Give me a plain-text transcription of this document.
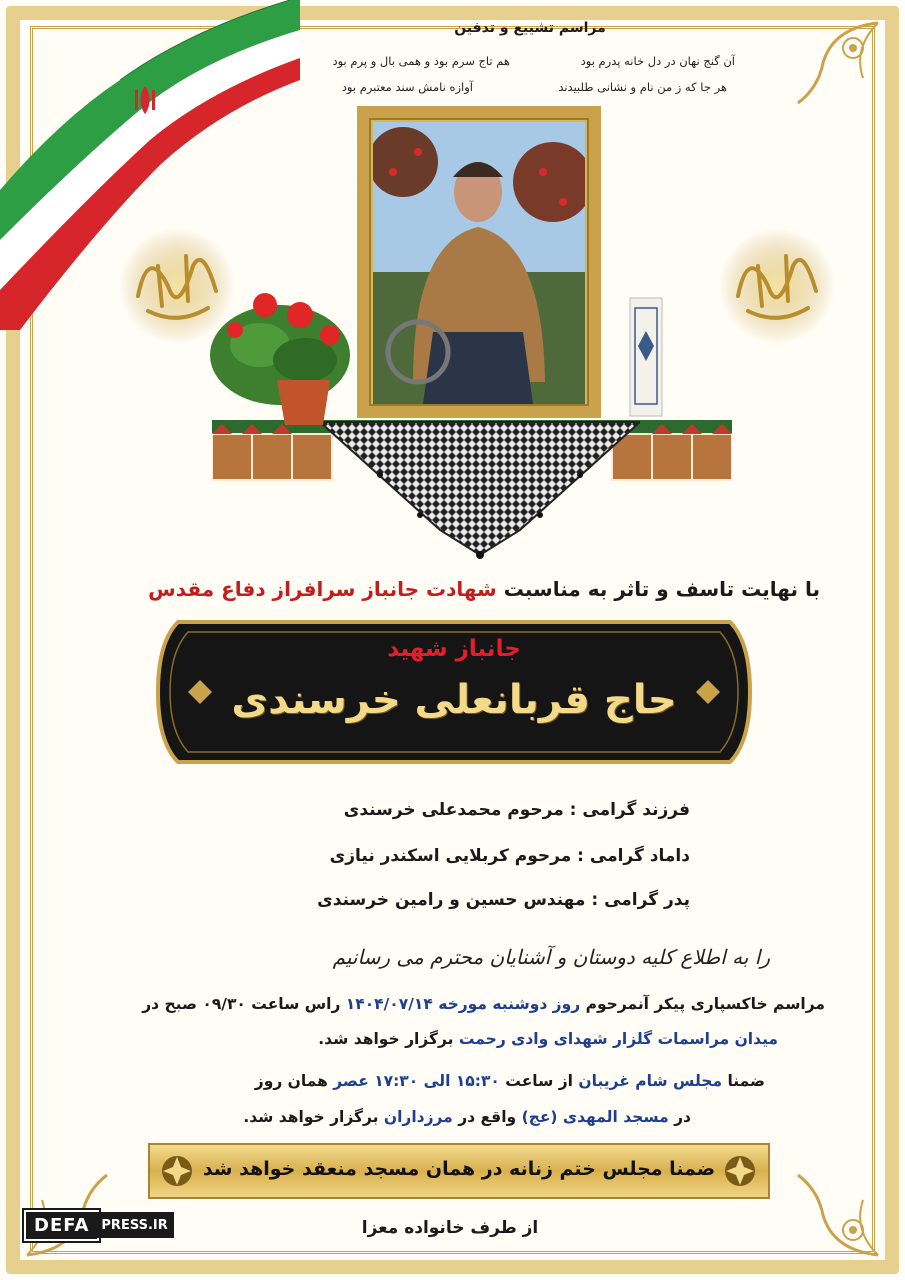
مراسم تشییع و تدفین
آن گنج نهان در دل خانه پدرم بود
هم تاج سرم بود و همی بال و پرم بود
هر جا که ز من نام و نشانی طلبیدند
آوازه نامش سند معتبرم بود
با نهایت تاسف و تاثر به مناسبت شهادت جانباز سرافراز دفاع مقدس
جانباز شهید
حاج قربانعلی خرسندی
فرزند گرامی : مرحوم محمدعلی خرسندی
داماد گرامی : مرحوم کربلایی اسکندر نیازی
پدر گرامی : مهندس حسین و رامین خرسندی
را به اطلاع کلیه دوستان و آشنایان محترم می رسانیم
مراسم خاکسپاری پیکر آنمرحوم روز دوشنبه مورخه ۱۴۰۴/۰۷/۱۴ راس ساعت ۰۹/۳۰ صبح در
میدان مراسمات گلزار شهدای وادی رحمت برگزار خواهد شد.
ضمنا مجلس شام غریبان از ساعت ۱۵:۳۰ الی ۱۷:۳۰ عصر همان روز
در مسجد المهدی (عج) واقع در مرزداران برگزار خواهد شد.
ضمنا مجلس ختم زنانه در همان مسجد منعقد خواهد شد
از طرف خانواده معزا
DEFA PRESS.IR
